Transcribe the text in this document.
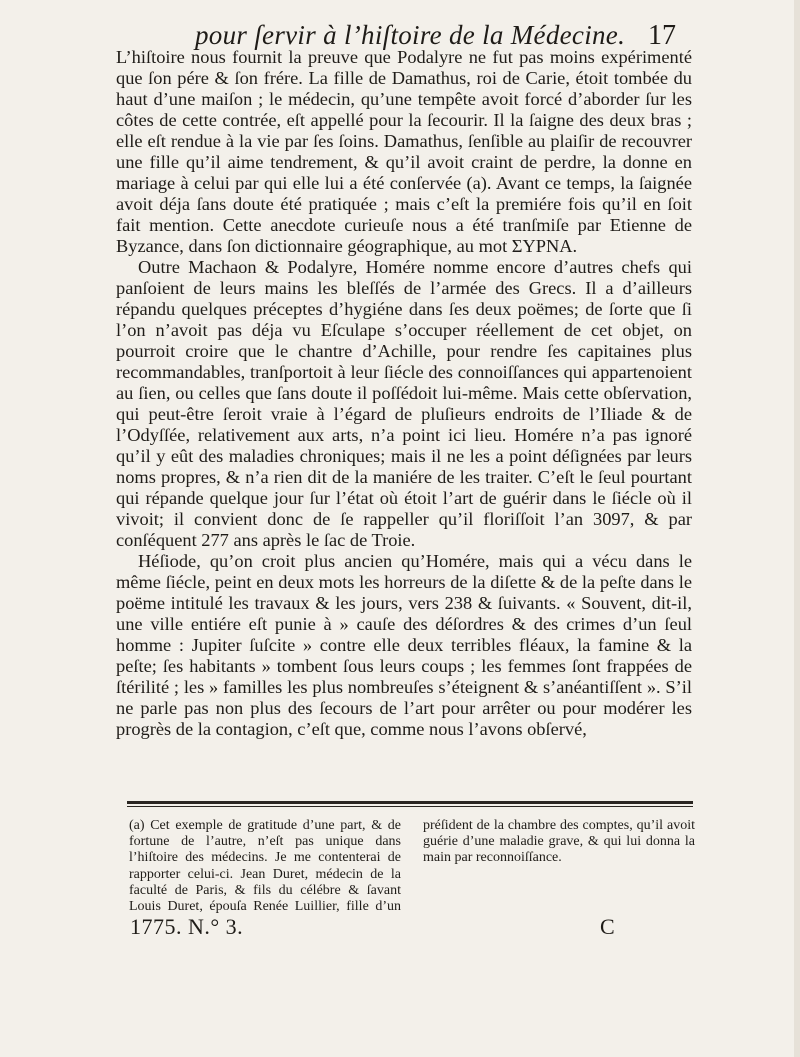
pour ſervir à l’hiſtoire de la Médecine. 17

L’hiſtoire nous fournit la preuve que Podalyre ne fut pas moins expérimenté que ſon pére & ſon frére. La fille de Damathus, roi de Carie, étoit tombée du haut d’une maiſon ; le médecin, qu’une tempête avoit forcé d’aborder ſur les côtes de cette contrée, eſt appellé pour la ſecourir. Il la ſaigne des deux bras ; elle eſt rendue à la vie par ſes ſoins. Damathus, ſenſible au plaiſir de recouvrer une fille qu’il aime tendrement, & qu’il avoit craint de perdre, la donne en mariage à celui par qui elle lui a été conſervée (a). Avant ce temps, la ſaignée avoit déja ſans doute été pratiquée ; mais c’eſt la premiére fois qu’il en ſoit fait mention. Cette anecdote curieuſe nous a été tranſmiſe par Etienne de Byzance, dans ſon dictionnaire géographique, au mot ΣΥΡΝΑ.

Outre Machaon & Podalyre, Homére nomme encore d’autres chefs qui panſoient de leurs mains les bleſſés de l’armée des Grecs. Il a d’ailleurs répandu quelques préceptes d’hygiéne dans ſes deux poëmes; de ſorte que ſi l’on n’avoit pas déja vu Eſculape s’occuper réellement de cet objet, on pourroit croire que le chantre d’Achille, pour rendre ſes capitaines plus recommandables, tranſportoit à leur ſiécle des connoiſſances qui appartenoient au ſien, ou celles que ſans doute il poſſédoit lui-même. Mais cette obſervation, qui peut-être ſeroit vraie à l’égard de pluſieurs endroits de l’Iliade & de l’Odyſſée, relativement aux arts, n’a point ici lieu. Homére n’a pas ignoré qu’il y eût des maladies chroniques; mais il ne les a point déſignées par leurs noms propres, & n’a rien dit de la maniére de les traiter. C’eſt le ſeul pourtant qui répande quelque jour ſur l’état où étoit l’art de guérir dans le ſiécle où il vivoit; il convient donc de ſe rappeller qu’il floriſſoit l’an 3097, & par conſéquent 277 ans après le ſac de Troie.

Héſiode, qu’on croit plus ancien qu’Homére, mais qui a vécu dans le même ſiécle, peint en deux mots les horreurs de la diſette & de la peſte dans le poëme intitulé les travaux & les jours, vers 238 & ſuivants. « Souvent, dit-il, une ville entiére eſt punie à » cauſe des déſordres & des crimes d’un ſeul homme : Jupiter ſuſcite » contre elle deux terribles fléaux, la famine & la peſte; ſes habitants » tombent ſous leurs coups ; les femmes ſont frappées de ſtérilité ; les » familles les plus nombreuſes s’éteignent & s’anéantiſſent ». S’il ne parle pas non plus des ſecours de l’art pour arrêter ou pour modérer les progrès de la contagion, c’eſt que, comme nous l’avons obſervé,

(a) Cet exemple de gratitude d’une part, & de fortune de l’autre, n’eſt pas unique dans l’hiſtoire des médecins. Je me contenterai de rapporter celui-ci. Jean Duret, médecin de la faculté de Paris, & fils du célébre & ſavant Louis Duret, épouſa Renée Luillier, fille d’un préſident de la chambre des comptes, qu’il avoit guérie d’une maladie grave, & qui lui donna la main par reconnoiſſance.

1775. N.° 3.	C
